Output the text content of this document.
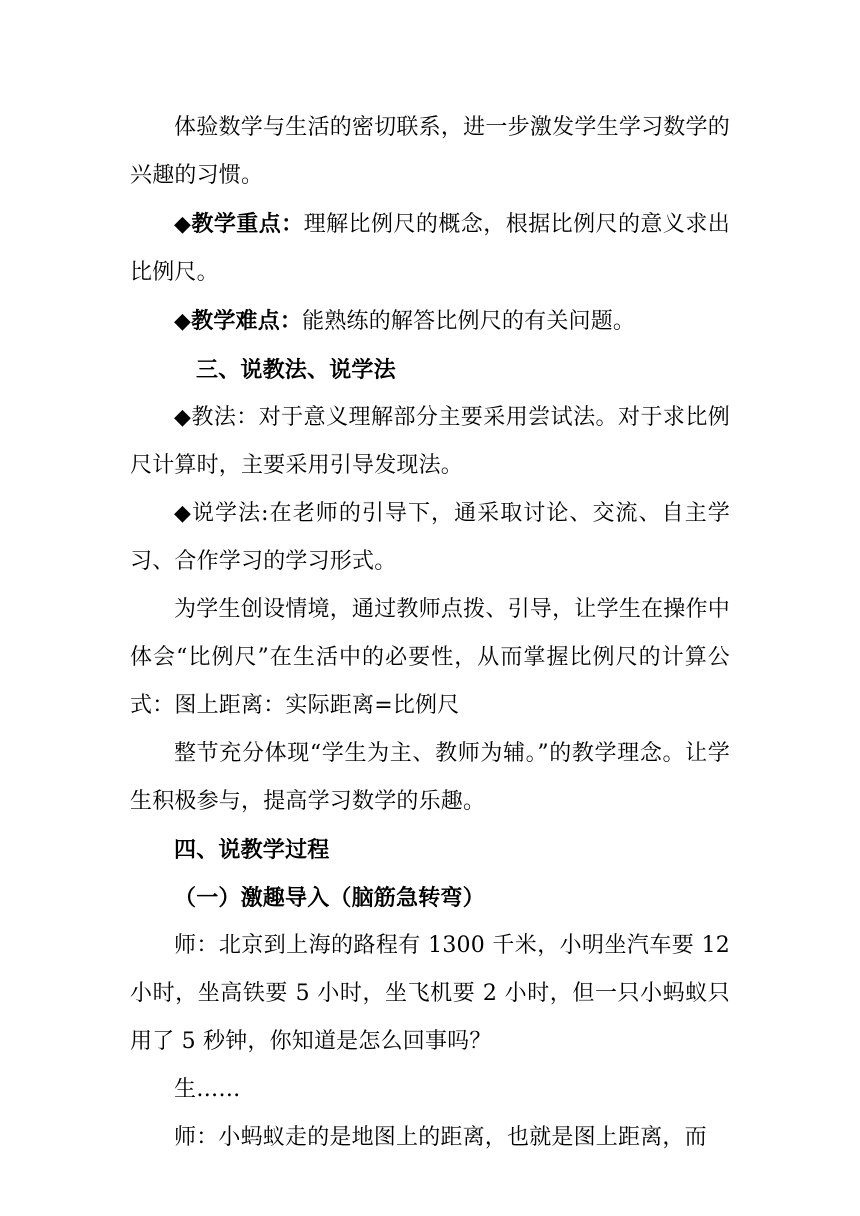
体验数学与生活的密切联系，进一步激发学生学习数学的兴趣的习惯。

◆教学重点：理解比例尺的概念，根据比例尺的意义求出比例尺。

◆教学难点：能熟练的解答比例尺的有关问题。

三、说教法、说学法

◆教法：对于意义理解部分主要采用尝试法。对于求比例尺计算时，主要采用引导发现法。

◆说学法:在老师的引导下，通采取讨论、交流、自主学习、合作学习的学习形式。

为学生创设情境，通过教师点拨、引导，让学生在操作中体会“比例尺”在生活中的必要性，从而掌握比例尺的计算公式：图上距离：实际距离=比例尺

整节充分体现“学生为主、教师为辅。”的教学理念。让学生积极参与，提高学习数学的乐趣。

四、说教学过程

（一）激趣导入（脑筋急转弯）

师：北京到上海的路程有 1300 千米，小明坐汽车要 12 小时，坐高铁要 5 小时，坐飞机要 2 小时，但一只小蚂蚁只用了 5 秒钟，你知道是怎么回事吗？

生……

师：小蚂蚁走的是地图上的距离，也就是图上距离，而
